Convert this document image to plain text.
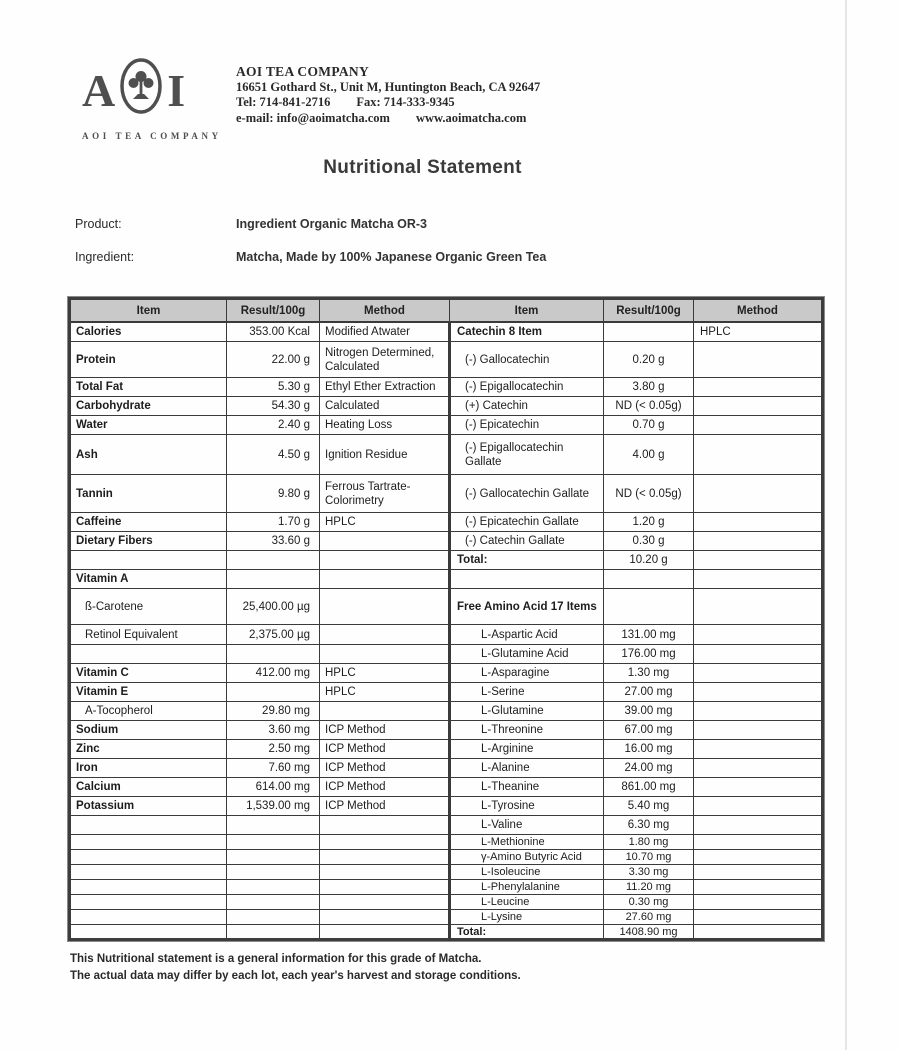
A I
AOI TEA COMPANY
AOI TEA COMPANY
16651 Gothard St., Unit M, Huntington Beach, CA 92647
Tel: 714-841-2716 Fax: 714-333-9345
e-mail: info@aoimatcha.com www.aoimatcha.com
Nutritional Statement
Product:	Ingredient Organic Matcha OR-3
Ingredient:	Matcha, Made by 100% Japanese Organic Green Tea
Item	Result/100g	Method	Item	Result/100g	Method
Calories	353.00 Kcal	Modified Atwater	Catechin 8 Item		HPLC
Protein	22.00 g	Nitrogen Determined, Calculated	(-) Gallocatechin	0.20 g	
Total Fat	5.30 g	Ethyl Ether Extraction	(-) Epigallocatechin	3.80 g	
Carbohydrate	54.30 g	Calculated	(+) Catechin	ND (< 0.05g)	
Water	2.40 g	Heating Loss	(-) Epicatechin	0.70 g	
Ash	4.50 g	Ignition Residue	(-) Epigallocatechin Gallate	4.00 g	
Tannin	9.80 g	Ferrous Tartrate-Colorimetry	(-) Gallocatechin Gallate	ND (< 0.05g)	
Caffeine	1.70 g	HPLC	(-) Epicatechin Gallate	1.20 g	
Dietary Fibers	33.60 g		(-) Catechin Gallate	0.30 g	
			Total:	10.20 g	
Vitamin A					
ß-Carotene	25,400.00 µg		Free Amino Acid 17 Items		
Retinol Equivalent	2,375.00 µg		L-Aspartic Acid	131.00 mg	
			L-Glutamine Acid	176.00 mg	
Vitamin C	412.00 mg	HPLC	L-Asparagine	1.30 mg	
Vitamin E		HPLC	L-Serine	27.00 mg	
A-Tocopherol	29.80 mg		L-Glutamine	39.00 mg	
Sodium	3.60 mg	ICP Method	L-Threonine	67.00 mg	
Zinc	2.50 mg	ICP Method	L-Arginine	16.00 mg	
Iron	7.60 mg	ICP Method	L-Alanine	24.00 mg	
Calcium	614.00 mg	ICP Method	L-Theanine	861.00 mg	
Potassium	1,539.00 mg	ICP Method	L-Tyrosine	5.40 mg	
			L-Valine	6.30 mg	
			L-Methionine	1.80 mg	
			γ-Amino Butyric Acid	10.70 mg	
			L-Isoleucine	3.30 mg	
			L-Phenylalanine	11.20 mg	
			L-Leucine	0.30 mg	
			L-Lysine	27.60 mg	
			Total:	1408.90 mg	
This Nutritional statement is a general information for this grade of Matcha.
The actual data may differ by each lot, each year's harvest and storage conditions.
